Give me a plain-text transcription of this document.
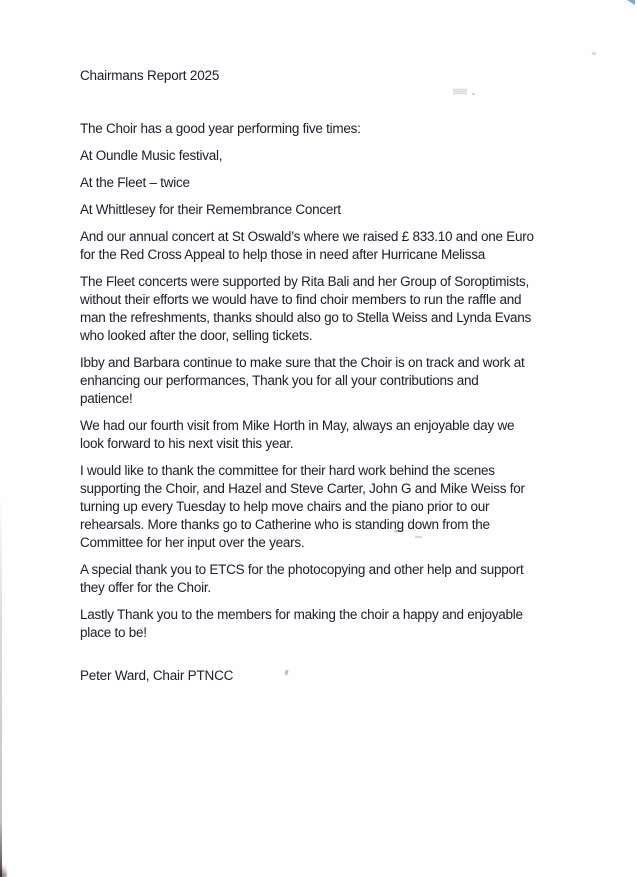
Chairmans Report 2025
The Choir has a good year performing five times:
At Oundle Music festival,
At the Fleet – twice
At Whittlesey for their Remembrance Concert
And our annual concert at St Oswald’s where we raised £ 833.10 and one Euro
for the Red Cross Appeal to help those in need after Hurricane Melissa
The Fleet concerts were supported by Rita Bali and her Group of Soroptimists,
without their efforts we would have to find choir members to run the raffle and
man the refreshments, thanks should also go to Stella Weiss and Lynda Evans
who looked after the door, selling tickets.
Ibby and Barbara continue to make sure that the Choir is on track and work at
enhancing our performances, Thank you for all your contributions and
patience!
We had our fourth visit from Mike Horth in May, always an enjoyable day we
look forward to his next visit this year.
I would like to thank the committee for their hard work behind the scenes
supporting the Choir, and Hazel and Steve Carter, John G and Mike Weiss for
turning up every Tuesday to help move chairs and the piano prior to our
rehearsals. More thanks go to Catherine who is standing down from the
Committee for her input over the years.
A special thank you to ETCS for the photocopying and other help and support
they offer for the Choir.
Lastly Thank you to the members for making the choir a happy and enjoyable
place to be!
Peter Ward, Chair PTNCC
